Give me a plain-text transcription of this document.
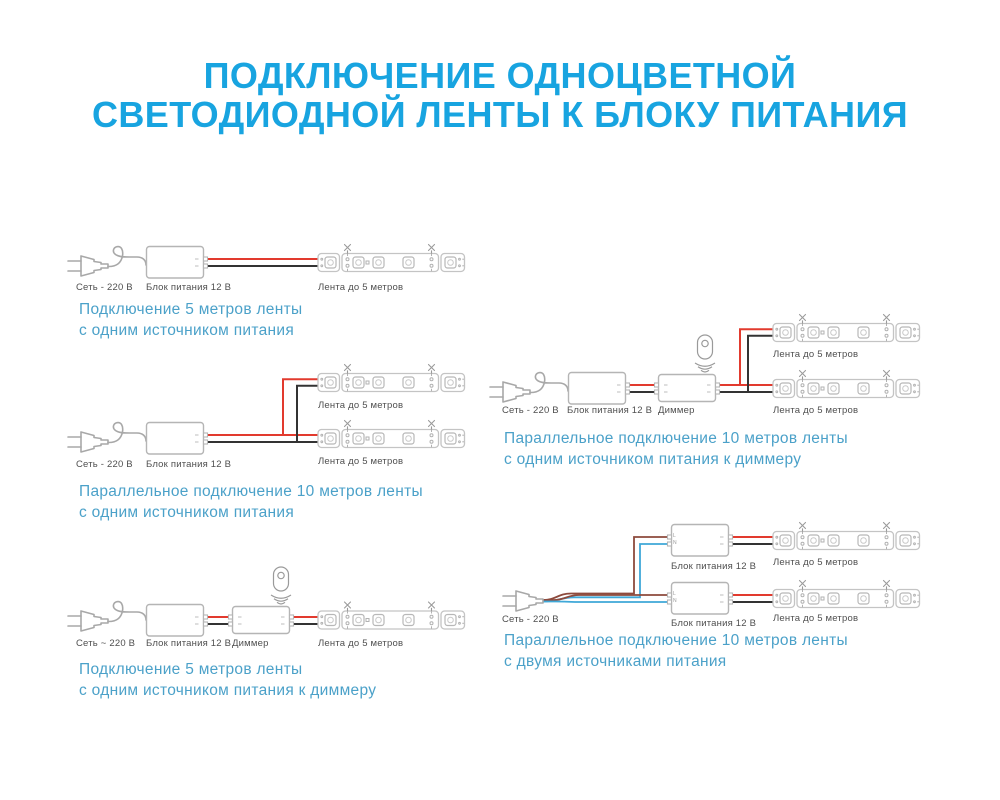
ПОДКЛЮЧЕНИЕ ОДНОЦВЕТНОЙ
СВЕТОДИОДНОЙ ЛЕНТЫ К БЛОКУ ПИТАНИЯ
Сеть - 220 В Блок питания 12 В	Лента до 5 метров
Подключение 5 метров ленты
с одним источником питания
Лента до 5 метров
Лента до 5 метров
Сеть - 220 В Блок питания 12 В
Параллельное подключение 10 метров ленты
с одним источником питания
Сеть ~ 220 В Блок питания 12 В Диммер	Лента до 5 метров
Подключение 5 метров ленты
с одним источником питания к диммеру
Лента до 5 метров
Лента до 5 метров
Сеть - 220 В Блок питания 12 В Диммер
Параллельное подключение 10 метров ленты
с одним источником питания к диммеру
L
N
L
N
Лента до 5 метров
Лента до 5 метров
Блок питания 12 В
Блок питания 12 В
Сеть - 220 В
Параллельное подключение 10 метров ленты
с двумя источниками питания
